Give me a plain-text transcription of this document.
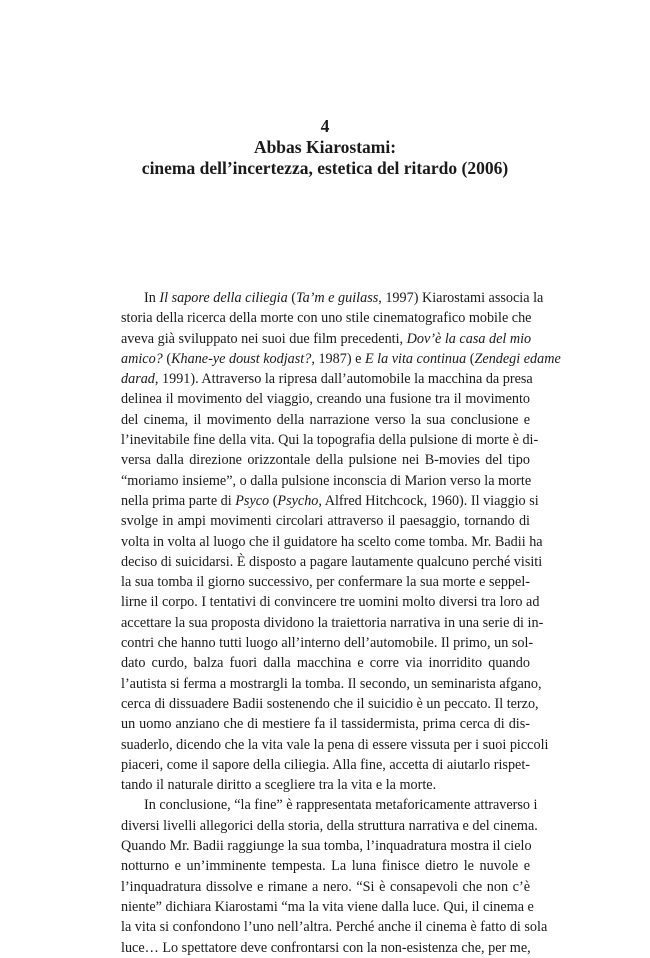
4
Abbas Kiarostami:
cinema dell’incertezza, estetica del ritardo (2006)
In Il sapore della ciliegia (Ta’m e guilass, 1997) Kiarostami associa la
storia della ricerca della morte con uno stile cinematografico mobile che
aveva già sviluppato nei suoi due film precedenti, Dov’è la casa del mio
amico? (Khane-ye doust kodjast?, 1987) e E la vita continua (Zendegi edame
darad, 1991). Attraverso la ripresa dall’automobile la macchina da presa
delinea il movimento del viaggio, creando una fusione tra il movimento
del cinema, il movimento della narrazione verso la sua conclusione e
l’inevitabile fine della vita. Qui la topografia della pulsione di morte è di-
versa dalla direzione orizzontale della pulsione nei B-movies del tipo
“moriamo insieme”, o dalla pulsione inconscia di Marion verso la morte
nella prima parte di Psyco (Psycho, Alfred Hitchcock, 1960). Il viaggio si
svolge in ampi movimenti circolari attraverso il paesaggio, tornando di
volta in volta al luogo che il guidatore ha scelto come tomba. Mr. Badii ha
deciso di suicidarsi. È disposto a pagare lautamente qualcuno perché visiti
la sua tomba il giorno successivo, per confermare la sua morte e seppel-
lirne il corpo. I tentativi di convincere tre uomini molto diversi tra loro ad
accettare la sua proposta dividono la traiettoria narrativa in una serie di in-
contri che hanno tutti luogo all’interno dell’automobile. Il primo, un sol-
dato curdo, balza fuori dalla macchina e corre via inorridito quando
l’autista si ferma a mostrargli la tomba. Il secondo, un seminarista afgano,
cerca di dissuadere Badii sostenendo che il suicidio è un peccato. Il terzo,
un uomo anziano che di mestiere fa il tassidermista, prima cerca di dis-
suaderlo, dicendo che la vita vale la pena di essere vissuta per i suoi piccoli
piaceri, come il sapore della ciliegia. Alla fine, accetta di aiutarlo rispet-
tando il naturale diritto a scegliere tra la vita e la morte.
In conclusione, “la fine” è rappresentata metaforicamente attraverso i
diversi livelli allegorici della storia, della struttura narrativa e del cinema.
Quando Mr. Badii raggiunge la sua tomba, l’inquadratura mostra il cielo
notturno e un’imminente tempesta. La luna finisce dietro le nuvole e
l’inquadratura dissolve e rimane a nero. “Si è consapevoli che non c’è
niente” dichiara Kiarostami “ma la vita viene dalla luce. Qui, il cinema e
la vita si confondono l’uno nell’altra. Perché anche il cinema è fatto di sola
luce… Lo spettatore deve confrontarsi con la non-esistenza che, per me,
